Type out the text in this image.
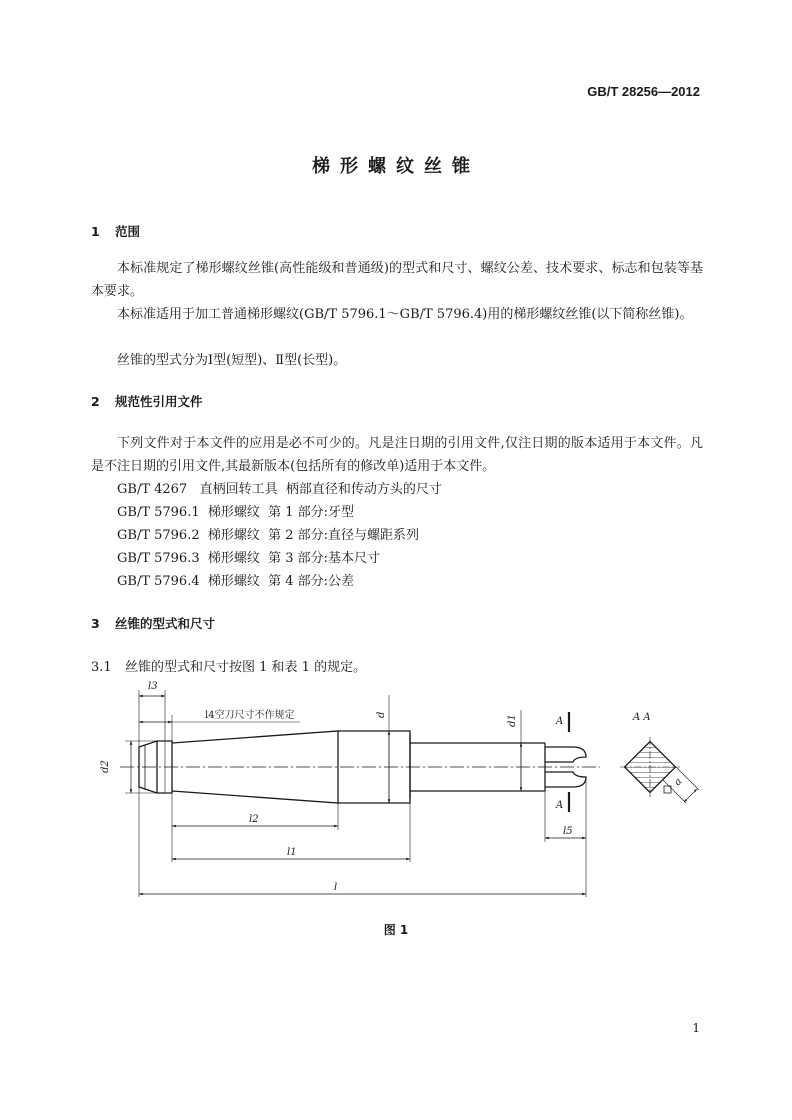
GB/T 28256—2012
梯形螺纹丝锥
1 范围
本标准规定了梯形螺纹丝锥(高性能级和普通级)的型式和尺寸、螺纹公差、技术要求、标志和包装等基本要求。
本标准适用于加工普通梯形螺纹(GB/T 5796.1～GB/T 5796.4)用的梯形螺纹丝锥(以下简称丝锥)。
丝锥的型式分为Ⅰ型(短型)、Ⅱ型(长型)。
2 规范性引用文件
下列文件对于本文件的应用是必不可少的。凡是注日期的引用文件,仅注日期的版本适用于本文件。凡是不注日期的引用文件,其最新版本(包括所有的修改单)适用于本文件。
GB/T 4267   直柄回转工具  柄部直径和传动方头的尺寸
GB/T 5796.1  梯形螺纹  第 1 部分:牙型
GB/T 5796.2  梯形螺纹  第 2 部分:直径与螺距系列
GB/T 5796.3  梯形螺纹  第 3 部分:基本尺寸
GB/T 5796.4  梯形螺纹  第 4 部分:公差
3 丝锥的型式和尺寸
3.1 丝锥的型式和尺寸按图 1 和表 1 的规定。
l3
l4空刀尺寸不作规定	d	d1
d2
l2
l1
l
l5
A
A
A A
a
图 1
1
